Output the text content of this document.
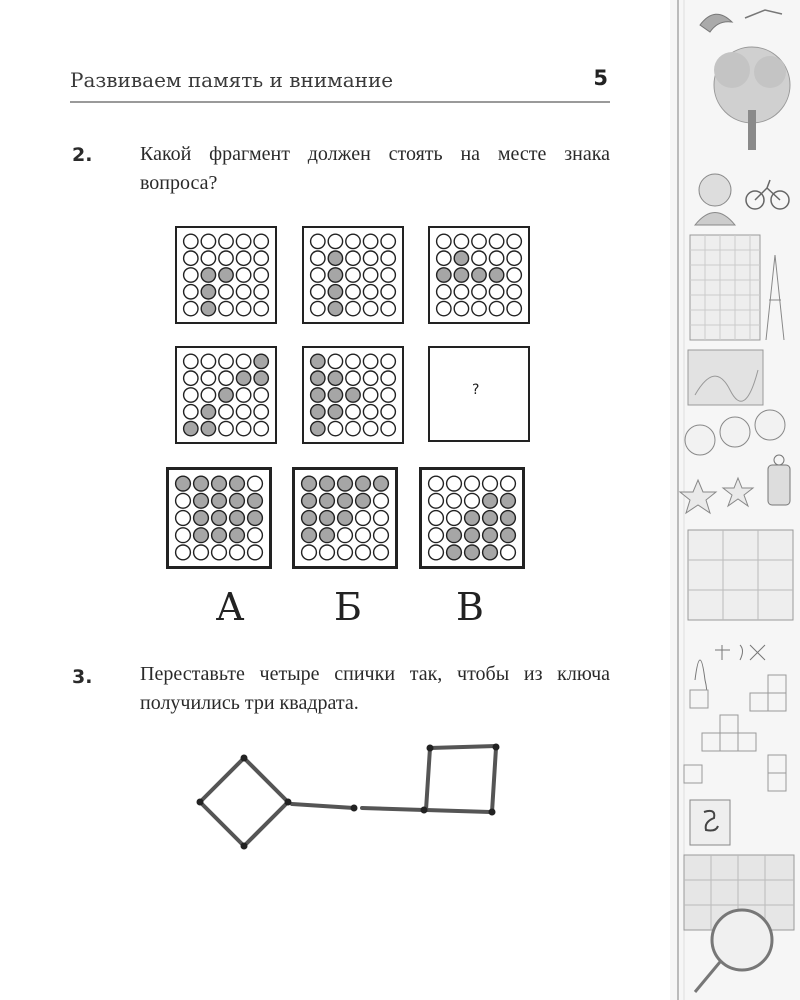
Развиваем память и внимание	5
2. Какой фрагмент должен стоять на месте знака вопроса?
?
А	Б	В
3. Переставьте четыре спички так, чтобы из ключа получились три квадрата.
